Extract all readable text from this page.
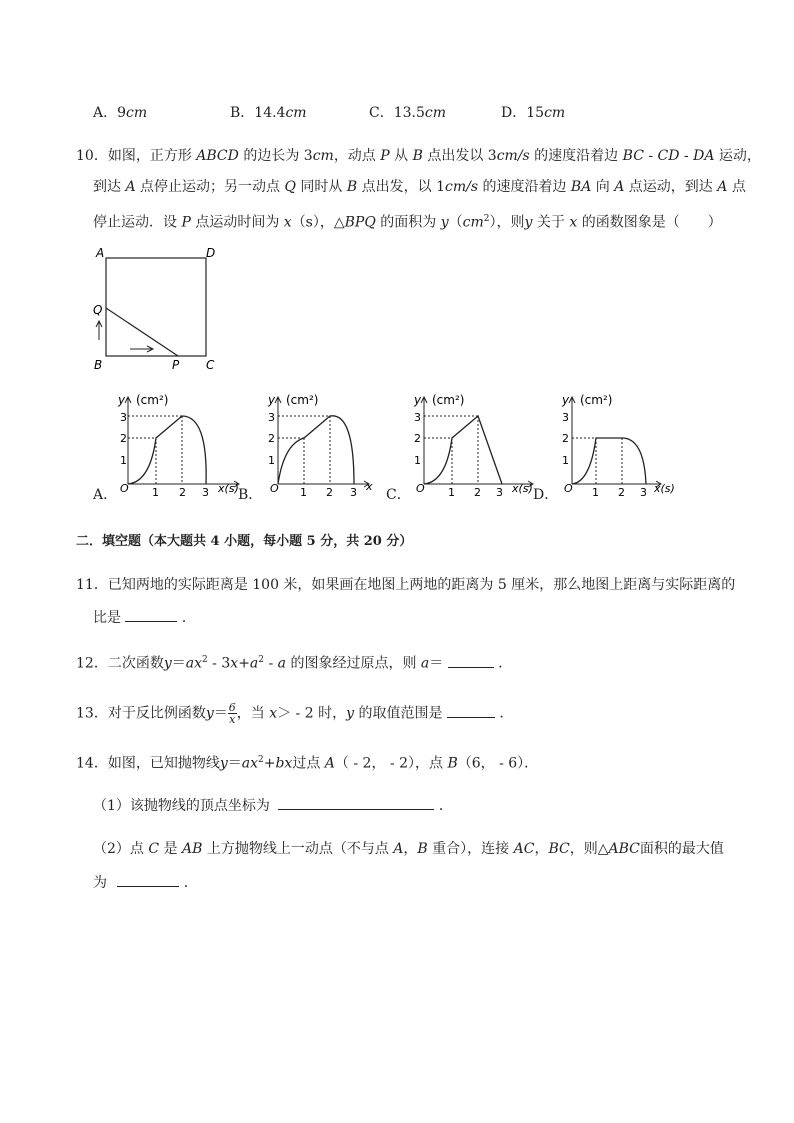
A．9cm	B．14.4cm	C．13.5cm	D．15cm
10．如图，正方形 ABCD 的边长为 3cm，动点 P 从 B 点出发以 3cm/s 的速度沿着边 BC - CD - DA 运动，
到达 A 点停止运动；另一动点 Q 同时从 B 点出发，以 1cm/s 的速度沿着边 BA 向 A 点运动，到达 A 点
停止运动．设 P 点运动时间为 x（s），△BPQ 的面积为 $y(cm^2)$，则y 关于 x 的函数图象是（　　）
A	D
Q
B	P C
A．
y (cm²)
x(s)
O 1 2 3
1
2
3
B．
y (cm²)
x
O 1 2 3
1
2
3
C．
y (cm²)
x(s)
O 1 2 3
1
2
3
D．
y (cm²)
x(s)
O 1 2 3
1
2
3
二．填空题（本大题共 4 小题，每小题 5 分，共 20 分）
11．已知两地的实际距离是 100 米，如果画在地图上两地的距离为 5 厘米，那么地图上距离与实际距离的
比是	．
12．二次函数$y=ax^2 - 3x+a^2 - a$ 的图象经过原点，则 a＝	．
13．对于反比例函数$y= \frac{6}{x}$ ，当 x＞ - 2 时，y 的取值范围是	．
14．如图，已知抛物线$y=ax^2+bx$过点 A（ - 2， - 2），点 B（6， - 6）．
（1）该抛物线的顶点坐标为	．
（2）点 C 是 AB 上方抛物线上一动点（不与点 A，B 重合），连接 AC，BC，则△ABC面积的最大值
为	．
